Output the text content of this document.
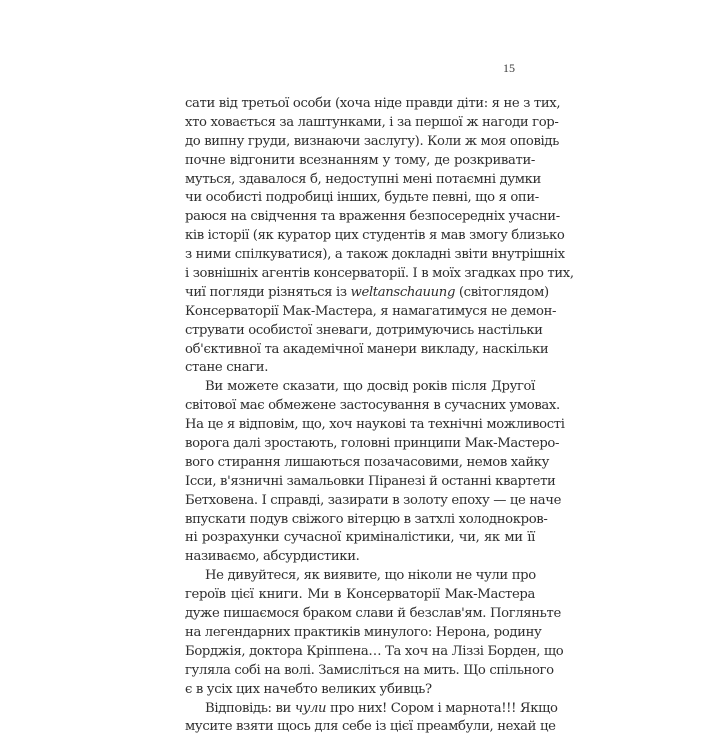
15
сати від третьої особи (хоча ніде правди діти: я не з тих,
хто ховається за лаштунками, і за першої ж нагоди гор-
до випну груди, визнаючи заслугу). Коли ж моя оповідь
почне відгонити всезнанням у тому, де розкривати-
муться, здавалося б, недоступні мені потаємні думки
чи особисті подробиці інших, будьте певні, що я опи-
раюся на свідчення та враження безпосередніх учасни-
ків історії (як куратор цих студентів я мав змогу близько
з ними спілкуватися), а також докладні звіти внутрішніх
і зовнішніх агентів консерваторії. І в моїх згадках про тих,
чиї погляди різняться із weltanschauung (світоглядом)
Консерваторії Мак-Мастера, я намагатимуся не демон-
струвати особистої зневаги, дотримуючись настільки
об'єктивної та академічної манери викладу, наскільки
стане снаги.
Ви можете сказати, що досвід років після Другої
світової має обмежене застосування в сучасних умовах.
На це я відповім, що, хоч наукові та технічні можливості
ворога далі зростають, головні принципи Мак-Мастеро-
вого стирання лишаються позачасовими, немов хайку
Ісси, в'язничні замальовки Піранезі й останні квартети
Бетховена. І справді, зазирати в золоту епоху — це наче
впускати подув свіжого вітерцю в затхлі холоднокров-
ні розрахунки сучасної криміналістики, чи, як ми її
називаємо, абсурдистики.
Не дивуйтеся, як виявите, що ніколи не чули про
героїв цієї книги. Ми в Консерваторії Мак-Мастера
дуже пишаємося браком слави й безслав'ям. Погляньте
на легендарних практиків минулого: Нерона, родину
Борджія, доктора Кріппена… Та хоч на Ліззі Борден, що
гуляла собі на волі. Замисліться на мить. Що спільного
є в усіх цих начебто великих убивць?
Відповідь: ви чули про них! Сором і марнота!!! Якщо
мусите взяти щось для себе із цієї преамбули, нехай це
